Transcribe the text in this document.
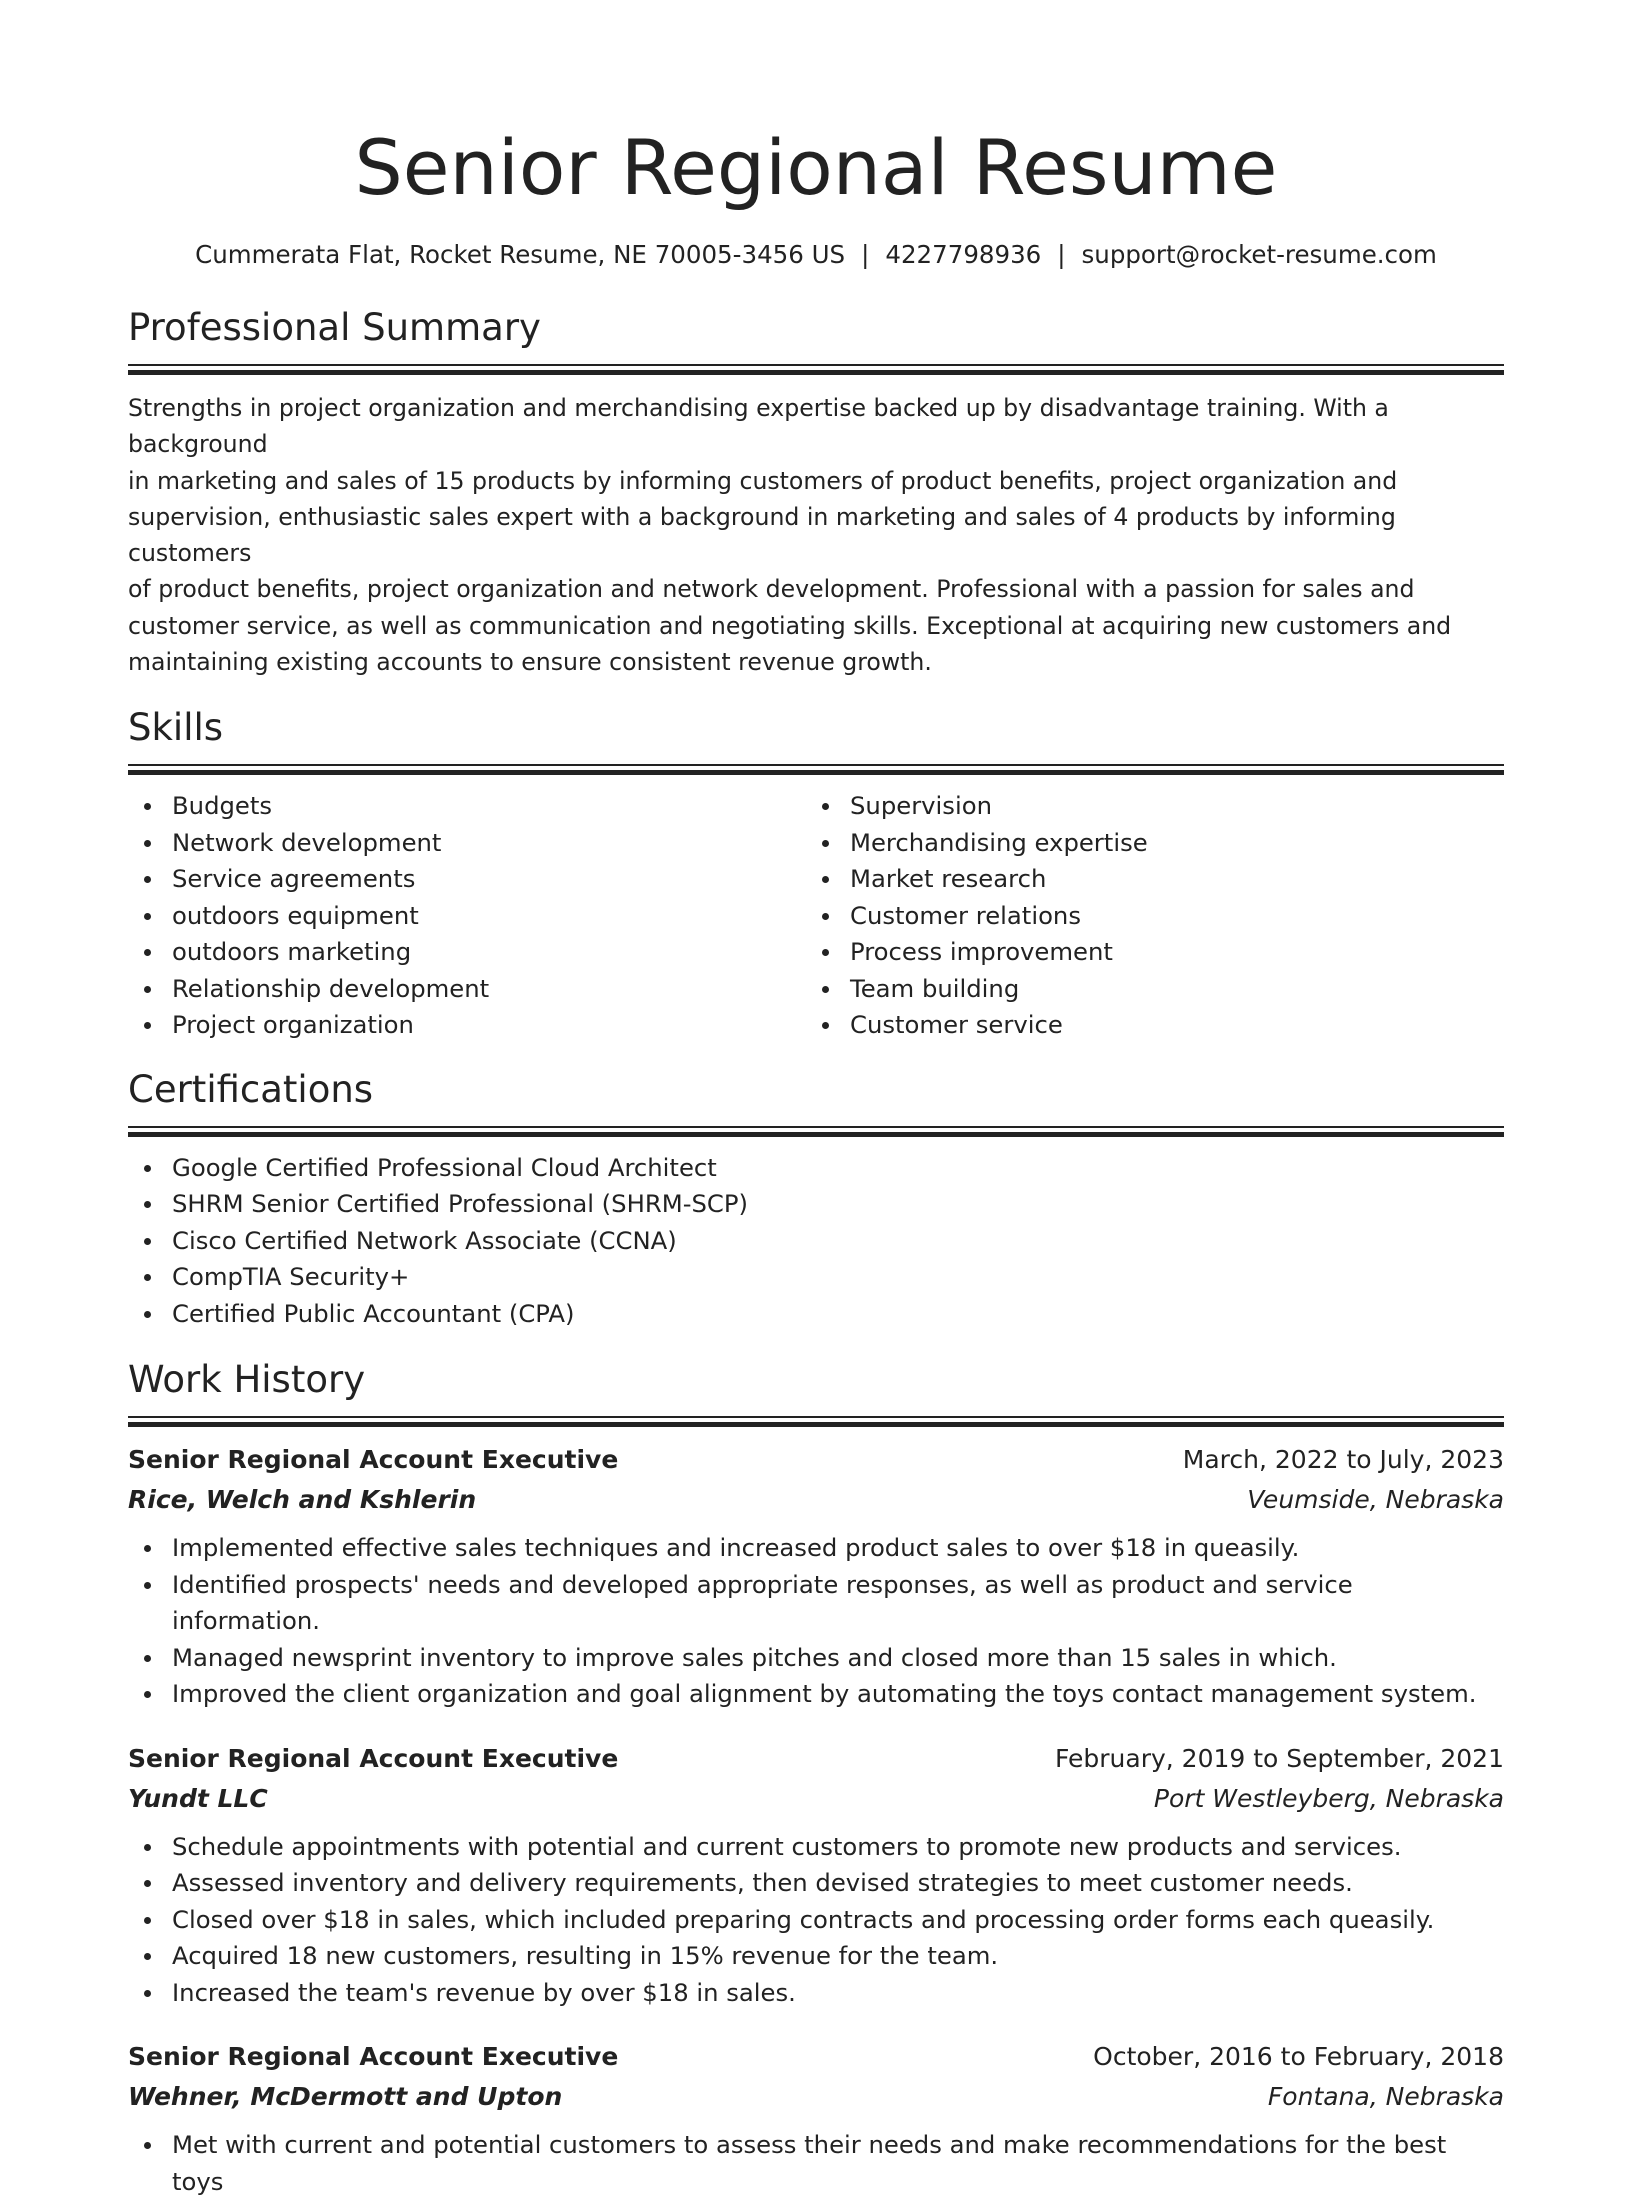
Senior Regional Resume
Cummerata Flat, Rocket Resume, NE 70005-3456 US | 4227798936 | support@rocket-resume.com
Professional Summary
Strengths in project organization and merchandising expertise backed up by disadvantage training. With a background
in marketing and sales of 15 products by informing customers of product benefits, project organization and
supervision, enthusiastic sales expert with a background in marketing and sales of 4 products by informing customers
of product benefits, project organization and network development. Professional with a passion for sales and
customer service, as well as communication and negotiating skills. Exceptional at acquiring new customers and
maintaining existing accounts to ensure consistent revenue growth.
Skills
Budgets
Network development
Service agreements
outdoors equipment
outdoors marketing
Relationship development
Project organization
Supervision
Merchandising expertise
Market research
Customer relations
Process improvement
Team building
Customer service
Certifications
Google Certified Professional Cloud Architect
SHRM Senior Certified Professional (SHRM-SCP)
Cisco Certified Network Associate (CCNA)
CompTIA Security+
Certified Public Accountant (CPA)
Work History
Senior Regional Account Executive	March, 2022 to July, 2023
Rice, Welch and Kshlerin	Veumside, Nebraska
Implemented effective sales techniques and increased product sales to over $18 in queasily.
Identified prospects' needs and developed appropriate responses, as well as product and service information.
Managed newsprint inventory to improve sales pitches and closed more than 15 sales in which.
Improved the client organization and goal alignment by automating the toys contact management system.
Senior Regional Account Executive	February, 2019 to September, 2021
Yundt LLC	Port Westleyberg, Nebraska
Schedule appointments with potential and current customers to promote new products and services.
Assessed inventory and delivery requirements, then devised strategies to meet customer needs.
Closed over $18 in sales, which included preparing contracts and processing order forms each queasily.
Acquired 18 new customers, resulting in 15% revenue for the team.
Increased the team's revenue by over $18 in sales.
Senior Regional Account Executive	October, 2016 to February, 2018
Wehner, McDermott and Upton	Fontana, Nebraska
Met with current and potential customers to assess their needs and make recommendations for the best toys
